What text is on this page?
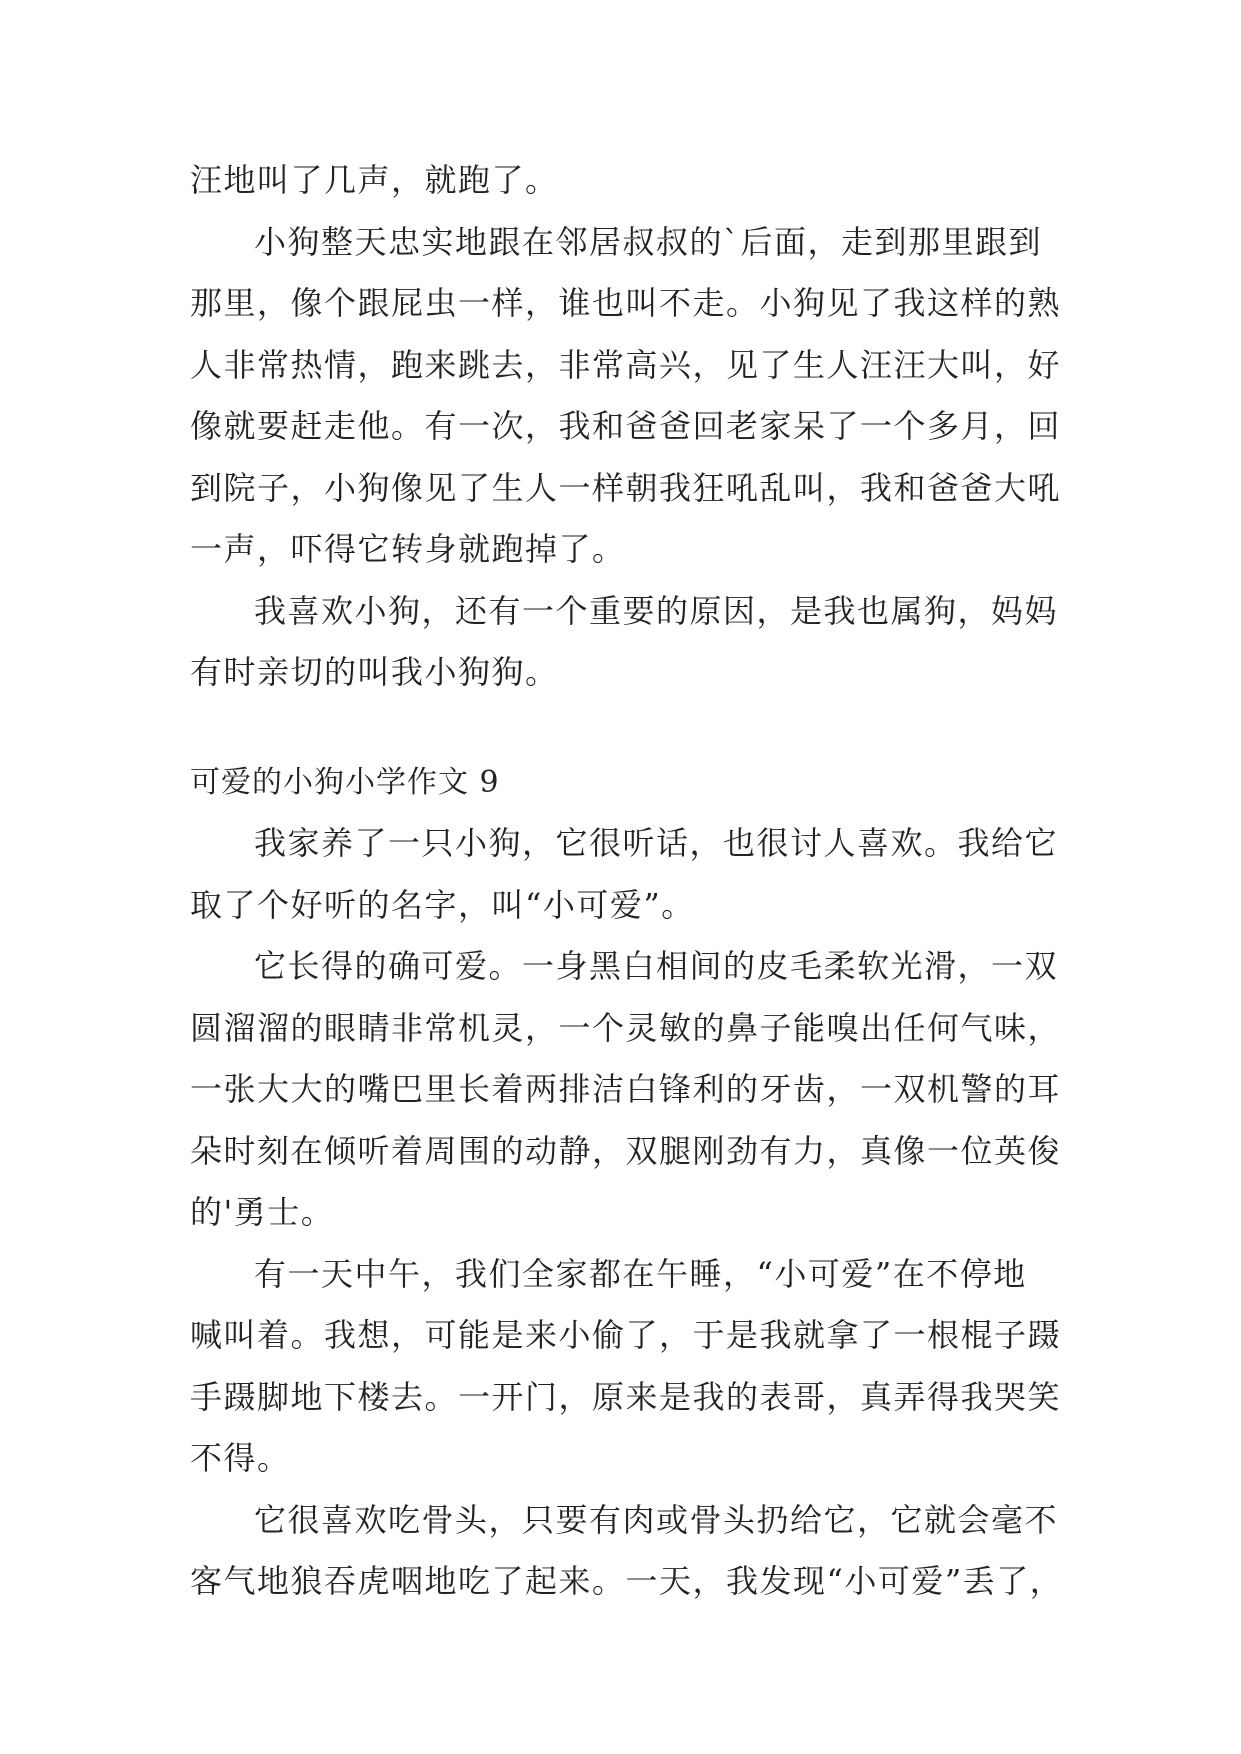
汪地叫了几声，就跑了。
小狗整天忠实地跟在邻居叔叔的`后面，走到那里跟到
那里，像个跟屁虫一样，谁也叫不走。小狗见了我这样的熟
人非常热情，跑来跳去，非常高兴，见了生人汪汪大叫，好
像就要赶走他。有一次，我和爸爸回老家呆了一个多月，回
到院子，小狗像见了生人一样朝我狂吼乱叫，我和爸爸大吼
一声，吓得它转身就跑掉了。
我喜欢小狗，还有一个重要的原因，是我也属狗，妈妈
有时亲切的叫我小狗狗。
可爱的小狗小学作文 9
我家养了一只小狗，它很听话，也很讨人喜欢。我给它
取了个好听的名字，叫“小可爱”。
它长得的确可爱。一身黑白相间的皮毛柔软光滑，一双
圆溜溜的眼睛非常机灵，一个灵敏的鼻子能嗅出任何气味，
一张大大的嘴巴里长着两排洁白锋利的牙齿，一双机警的耳
朵时刻在倾听着周围的动静，双腿刚劲有力，真像一位英俊
的'勇士。
有一天中午，我们全家都在午睡，“小可爱”在不停地
喊叫着。我想，可能是来小偷了，于是我就拿了一根棍子蹑
手蹑脚地下楼去。一开门，原来是我的表哥，真弄得我哭笑
不得。
它很喜欢吃骨头，只要有肉或骨头扔给它，它就会毫不
客气地狼吞虎咽地吃了起来。一天，我发现“小可爱”丢了，
